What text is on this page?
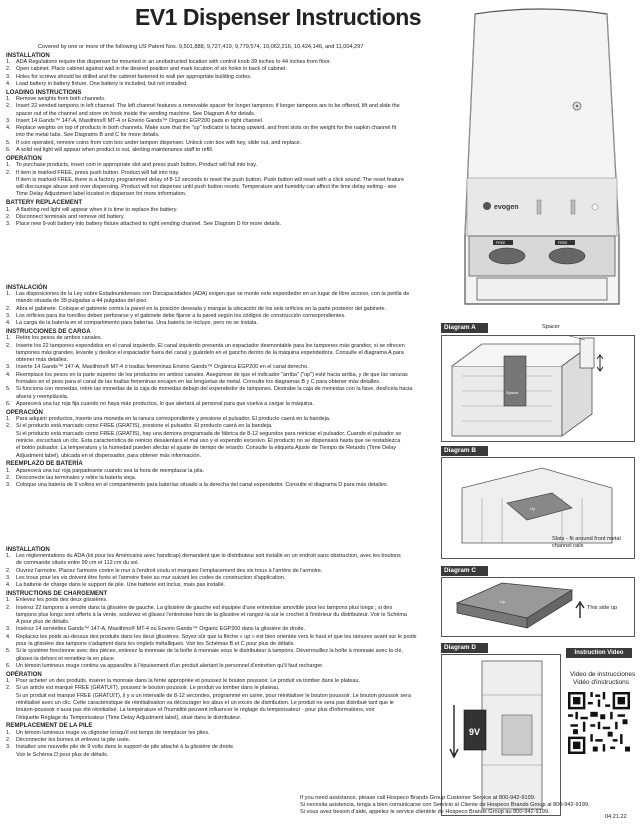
EV1 Dispenser Instructions
Covered by one or more of the following US Patent Nos. 9,501,888, 9,727,419, 9,779,574, 10,062,216, 10,424,146, and 11,004,297
INSTALLATION
1. ADA Regulations require this dispenser be mounted in an unobstructed location with control knob 39 inches to 44 inches from floor.
2. Open cabinet. Place cabinet against wall in the desired position and mark location of six holes in back of cabinet.
3. Holes for screws should be drilled and the cabinet fastened to wall per appropriate building codes.
4. Load battery in battery fixture. One battery is included, but not installed.
LOADING INSTRUCTIONS
1. Remove weights from both channels.
2. Insert 22 vended tampons in left channel. The left channel features a removable spacer for longer tampons; if longer tampons are to be offered, lift and slide the
spacer out of the channel and store on hook inside the vending machine. See Diagram A for details.
3. Insert 14 Gands™ 147-A, Maxithins® MT-4 or Envirio Gands™ Organic EGP200 pads in right channel.
4. Replace weights on top of products in both channels. Make sure that the "up" indicator is facing upward, and front slots on the weight for the napkin channel fit
into the metal tabs. See Diagrams B and C for more details.
5. If coin operated, remove coins from coin box under tampon dispenser. Unlock coin box with key, slide out, and replace.
6. A solid red light will appear when product is out, alerting maintenance staff to refill.
OPERATION
1. To purchase products, insert coin in appropriate slot and press push button. Product will fall into tray.
2. If item is marked FREE, press push button. Product will fall into tray.
If item is marked FREE, there is a factory programmed delay of 8-12 seconds to reset the push button. Push button will reset with a click sound. The reset feature
will discourage abuse and over dispensing. Product will not dispense until push button resets. Temperature and humidity can affect the time delay setting - see
Time Delay Adjustment label located in dispenser for more information.
BATTERY REPLACEMENT
1. A flashing red light will appear when it is time to replace the battery.
2. Disconnect terminals and remove old battery.
3. Place new 9-volt battery into battery fixture attached to right vending channel. See Diagram D for more details.
INSTALACIÓN
1. Las disposiciones de la Ley sobre Estadounidenses con Discapacidades (ADA) exigen que se monte este expendedor en un lugar de libre acceso, con la perilla de
mando situada de 39 pulgadas a 44 pulgadas del piso.
2. Abra el gabinete. Coloque el gabinete contra la pared en la posición deseada y marque la ubicación de los seis orificios en la parte posterior del gabinete.
3. Los orificios para los tornillos deben perforarse y el gabinete debe fijarse a la pared según los códigos de construcción correspondientes.
4. La carga de la batería en el compartimento para baterías. Una batería se incluye, pero no se instala.
INSTRUCCIONES DE CARGA
1. Retire los pesos de ambos canales.
2. Inserte los 22 tampones expendidos en el canal izquierdo. El canal izquierdo presenta un espaciador desmontable para los tampones más grandes; si se ofrecen
tampones más grandes, levante y deslice el espaciador fuera del canal y guárdelo en el gancho dentro de la máquina expendedora. Consulte el diagrama A para
obtener más detalles.
3. Inserte 14 Gands™ 147-A, Maxithins® MT-4 o toallas femeninas Envirio Gands™ Orgánica EGP200 en el canal derecho.
4. Reemplace los pesos en la parte superior de los productos en ambos canales. Asegúrese de que el indicador "arriba" ("up") esté hacia arriba, y de que las ranuras
frontales en el peso para el canal de las toallas femeninas encajen en las lengüetas de metal. Consulte los diagramas B y C para obtener más detalles.
5. Si funciona con monedas, retire las monedas de la caja de monedas debajo del expendedor de tampones. Destrabe la caja de monedas con la llave, deslícela hacia
afuera y reemplácela.
6. Aparecerá una luz roja fija cuando no haya más productos, lo que alertará al personal para que vuelva a cargar la máquina.
OPERACIÓN
1. Para adquirir productos, inserte una moneda en la ranura correspondiente y presione el pulsador. El producto caerá en la bandeja.
2. Si el producto está marcado como FREE (GRATIS), presione el pulsador. El producto caerá en la bandeja.
Si el producto está marcado como FREE (GRATIS), hay una demora programada de fábrica de 8-12 segundos para reiniciar el pulsador. Cuando el pulsador se
reinicie, escuchará un clic. Esta característica de reinicio desalentará el mal uso y el expendio excesivo. El producto no se dispensará hasta que se restablezca
el botón pulsador. La temperatura y la humedad pueden afectar el ajuste de tiempo de retardo. Consulte la etiqueta Ajuste de Tiempo de Retardo (Time Delay
Adjustment label), ubicada en el dispensador, para obtener más información.
REEMPLAZO DE BATERÍA
1. Aparecerá una luz roja parpadeante cuando sea la hora de reemplazar la pila.
2. Desconecte las terminales y retire la batería vieja.
3. Coloque una batería de 9 voltios en el compartimento para baterías situado a la derecha del canal expendedor. Consulte el diagrama D para más detalles.
INSTALLATION
1. Les réglementations du ADA (loi pour les Américains avec handicap) demandent que le distributeur soit installé en un endroit sans obstruction, avec les boutons
de commande situés entre 99 cm et 112 cm du sol.
2. Ouvrez l'armoire. Placez l'armoire contre le mur à l'endroit voulu et marquez l'emplacement des six trous à l'arrière de l'armoire.
3. Les trous pour les vis doivent être forés et l'armoire fixée au mur suivant les codes de construction d'application.
4. La batterie de charge dans le support de pile. Une batterie est inclus, mais pas installé.
INSTRUCTIONS DE CHARGEMENT
1. Enlevez les poids des deux glissières.
2. Insérez 22 tampons à vendre dans la glissière de gauche. La glissière de gauche est équipée d'une entretoise amovible pour les tampons plus longs ; si des
tampons plus longs sont offerts à la vente, soulevez et glissez l'entretoise hors de la glissière et rangez-la sur le crochet à l'intérieur du distributeur. Voir le Schéma
A pour plus de détails.
3. Insérez 14 serviettes Gands™ 147-A, Maxithins® MT-4 ou Envirio Gands™ Organic EGP200 dans la glissière de droite.
4. Replacez les poids au-dessus des produits dans les deux glissières. Soyez sûr que la flèche « up » est bien orientée vers le haut et que les rainures avant sur le poids
pour la glissière des tampons s'adaptent dans les onglets métalliques. Voir les Schémas B et C pour plus de détails.
5. Si le système fonctionne avec des pièces, enlevez la monnaie de la boîte à monnaie sous le distributeur à tampons. Déverrouillez la boîte à monnaie avec la clé,
glissez-la dehors et remettez-la en place.
6. Un témoin lumineux rouge continu va apparaître à l'épuisement d'un produit alertant le personnel d'entretien qu'il faut recharger.
OPÉRATION
1. Pour acheter un des produits, insérer la monnaie dans la fente appropriée et poussez le bouton poussoir. Le produit va tomber dans le plateau.
2. Si un article est marqué FREE (GRATUIT), poussez le bouton poussoir. Le produit va tomber dans le plateau.
Si un produit est marqué FREE (GRATUIT), il y a un intervalle de 8-12 secondes, programmé en usine, pour réinitialiser le bouton poussoir. Le bouton poussoir sera
réinitialisé avec un clic. Cette caractéristique de réinitialisation va décourager les abus et un excès de distribution. Le produit ne sera pas distribué tant que le
bouton-poussoir n'aura pas été réinitialisé. La température et l'humidité peuvent influencer le réglage du temporisateur - pour plus d'informations, voir
l'étiquette Réglage du Temporisateur (Time Delay Adjustment label), situé dans le distributeur.
REMPLACEMENT DE LA PILE
1. Un témoin lumineux rouge va clignoter lorsqu'il est temps de remplacer les piles.
2. Déconnecter les bornes et enlevez la pile usée.
3. Installez une nouvelle pile de 9 volts dans le support de pile attaché à la glissière de droite.
Voir le Schéma D pour plus de détails.
evogen
FREE	FREE
Diagram A	Spacer
Spacer
Diagram B
Up
Slots - fit around front metal channel rails
Diagram C
Up
This side up
Diagram D
9V
Instruction Video
Video de instrucciones
Vidéo d'instructions
If you need assistance, please call Hospeco Brands Group Customer Service at 800-942-9199.
Si necesita asistencia, tenga a bien comunicarse con Servicio al Cliente de Hospeco Brands Group al 800-942-9199.
Si vous avez besoin d'aide, appelez le service clientèle de Hospeco Brands Group au 800-942-9199.
04.21.22
